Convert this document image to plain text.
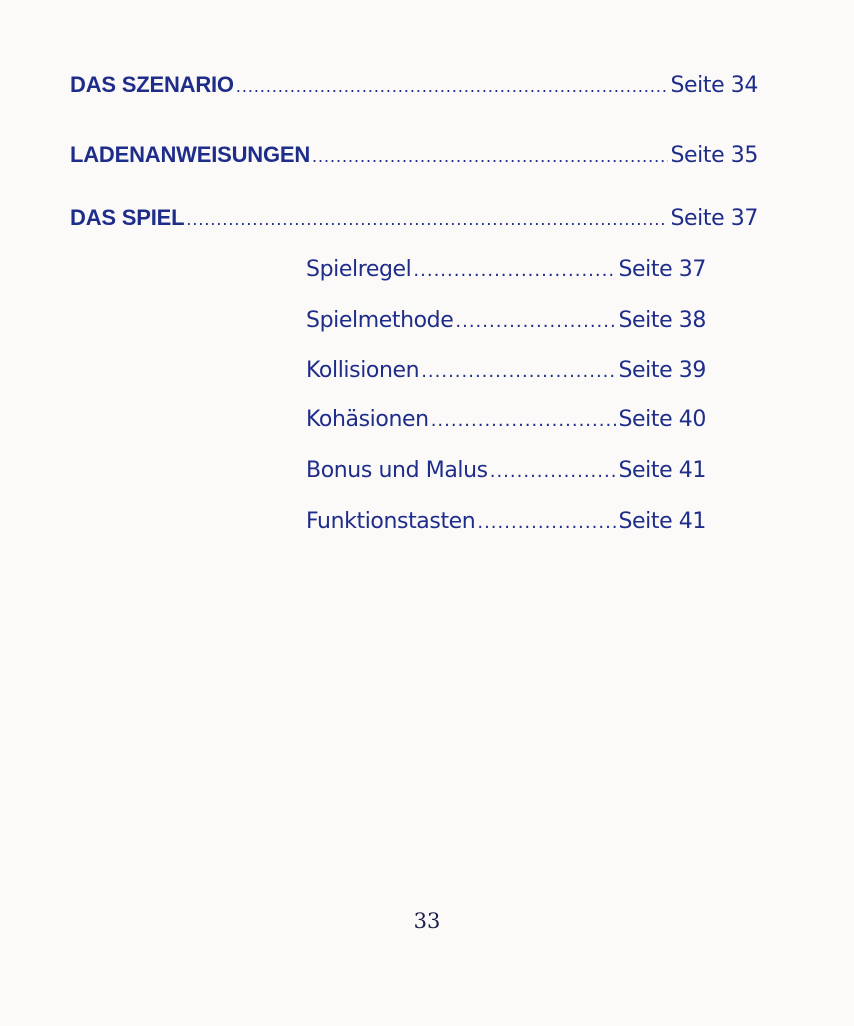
DAS SZENARIO .....	Seite 34
LADENANWEISUNGEN .....	Seite 35
DAS SPIEL .....	Seite 37
Spielregel .....	Seite 37
Spielmethode .....	Seite 38
Kollisionen .....	Seite 39
Kohäsionen .....	Seite 40
Bonus und Malus .....	Seite 41
Funktionstasten .....	Seite 41
33
